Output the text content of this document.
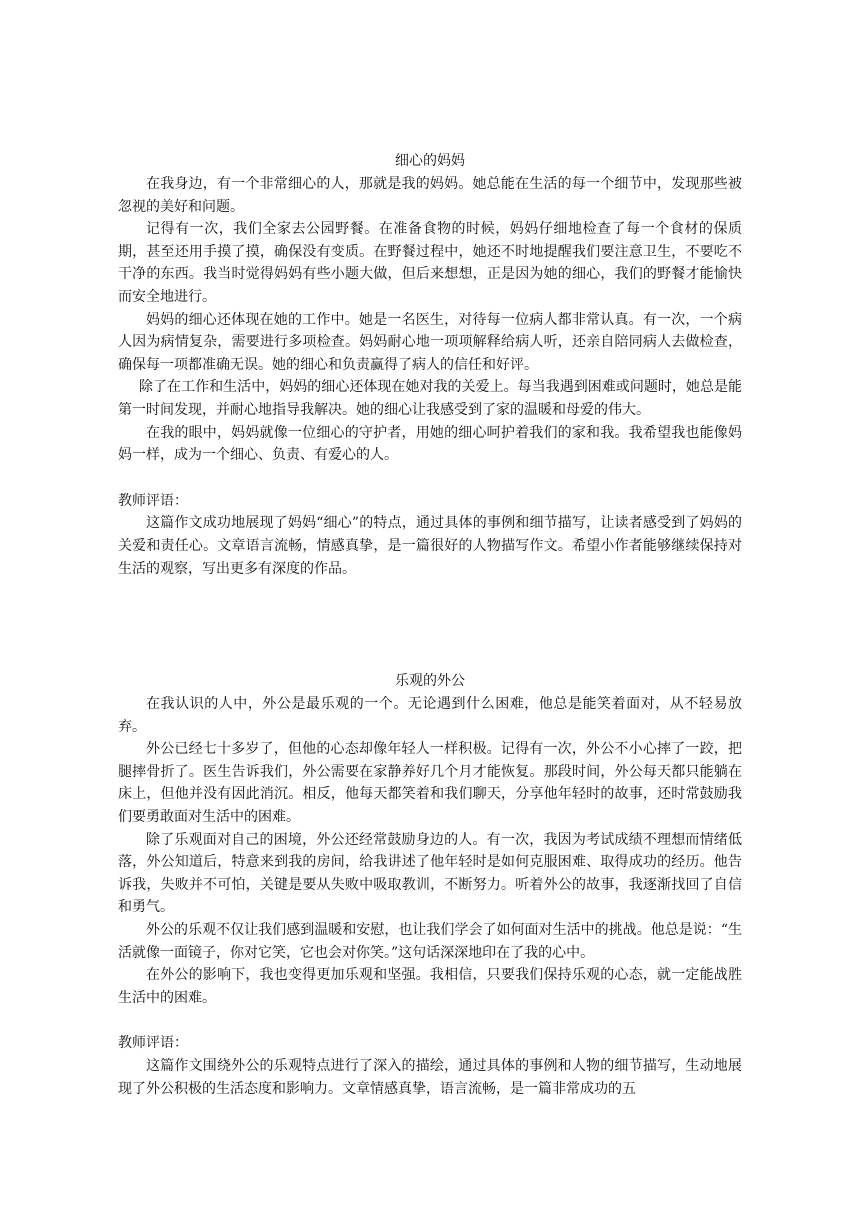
细心的妈妈

在我身边，有一个非常细心的人，那就是我的妈妈。她总能在生活的每一个细节中，发现那些被忽视的美好和问题。

记得有一次，我们全家去公园野餐。在准备食物的时候，妈妈仔细地检查了每一个食材的保质期，甚至还用手摸了摸，确保没有变质。在野餐过程中，她还不时地提醒我们要注意卫生，不要吃不干净的东西。我当时觉得妈妈有些小题大做，但后来想想，正是因为她的细心，我们的野餐才能愉快而安全地进行。

妈妈的细心还体现在她的工作中。她是一名医生，对待每一位病人都非常认真。有一次，一个病人因为病情复杂，需要进行多项检查。妈妈耐心地一项项解释给病人听，还亲自陪同病人去做检查，确保每一项都准确无误。她的细心和负责赢得了病人的信任和好评。

除了在工作和生活中，妈妈的细心还体现在她对我的关爱上。每当我遇到困难或问题时，她总是能第一时间发现，并耐心地指导我解决。她的细心让我感受到了家的温暖和母爱的伟大。

在我的眼中，妈妈就像一位细心的守护者，用她的细心呵护着我们的家和我。我希望我也能像妈妈一样，成为一个细心、负责、有爱心的人。

教师评语：

这篇作文成功地展现了妈妈“细心”的特点，通过具体的事例和细节描写，让读者感受到了妈妈的关爱和责任心。文章语言流畅，情感真挚，是一篇很好的人物描写作文。希望小作者能够继续保持对生活的观察，写出更多有深度的作品。

乐观的外公

在我认识的人中，外公是最乐观的一个。无论遇到什么困难，他总是能笑着面对，从不轻易放弃。

外公已经七十多岁了，但他的心态却像年轻人一样积极。记得有一次，外公不小心摔了一跤，把腿摔骨折了。医生告诉我们，外公需要在家静养好几个月才能恢复。那段时间，外公每天都只能躺在床上，但他并没有因此消沉。相反，他每天都笑着和我们聊天，分享他年轻时的故事，还时常鼓励我们要勇敢面对生活中的困难。

除了乐观面对自己的困境，外公还经常鼓励身边的人。有一次，我因为考试成绩不理想而情绪低落，外公知道后，特意来到我的房间，给我讲述了他年轻时是如何克服困难、取得成功的经历。他告诉我，失败并不可怕，关键是要从失败中吸取教训，不断努力。听着外公的故事，我逐渐找回了自信和勇气。

外公的乐观不仅让我们感到温暖和安慰，也让我们学会了如何面对生活中的挑战。他总是说：“生活就像一面镜子，你对它笑，它也会对你笑。”这句话深深地印在了我的心中。

在外公的影响下，我也变得更加乐观和坚强。我相信，只要我们保持乐观的心态，就一定能战胜生活中的困难。

教师评语：

这篇作文围绕外公的乐观特点进行了深入的描绘，通过具体的事例和人物的细节描写，生动地展现了外公积极的生活态度和影响力。文章情感真挚，语言流畅，是一篇非常成功的五
